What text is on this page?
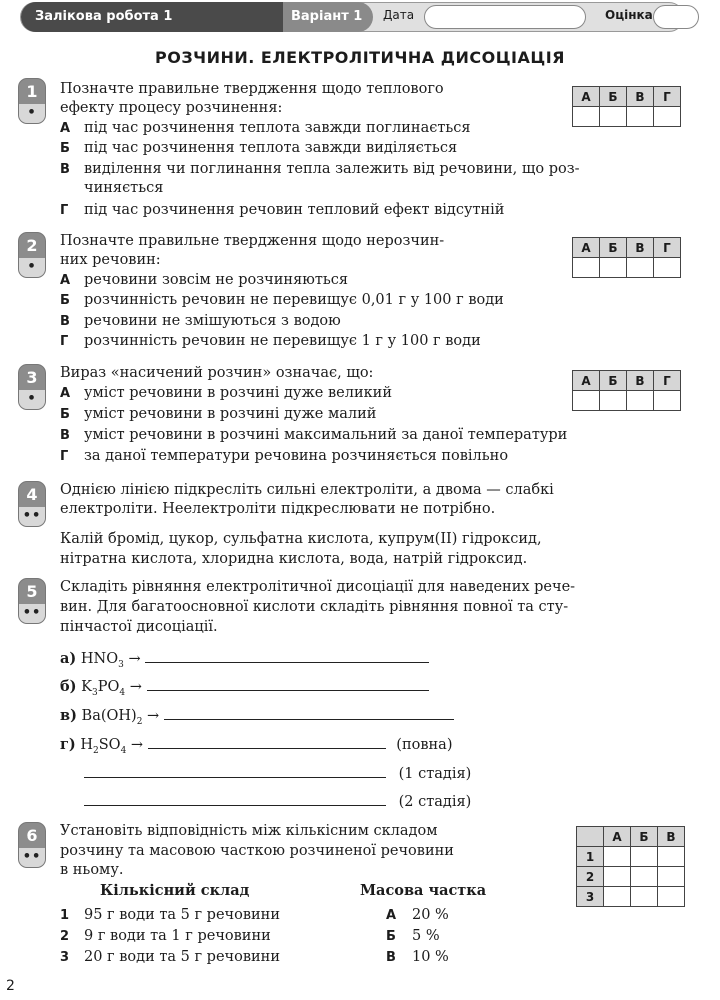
Залікова робота 1	Варіант 1	Дата	Оцінка
РОЗЧИНИ. ЕЛЕКТРОЛІТИЧНА ДИСОЦІАЦІЯ
1
•
Позначте правильне твердження щодо теплового
ефекту процесу розчинення:
А під час розчинення теплота завжди поглинається
Б під час розчинення теплота завжди виділяється
В виділення чи поглинання тепла залежить від речовини, що роз-
чиняється
Г під час розчинення речовин тепловий ефект відсутній
А	Б	В	Г

2
•
Позначте правильне твердження щодо нерозчин-
них речовин:
А речовини зовсім не розчиняються
Б розчинність речовин не перевищує 0,01 г у 100 г води
В речовини не змішуються з водою
Г розчинність речовин не перевищує 1 г у 100 г води
А	Б	В	Г

3
•
Вираз «насичений розчин» означає, що:
А уміст речовини в розчині дуже великий
Б уміст речовини в розчині дуже малий
В уміст речовини в розчині максимальний за даної температури
Г за даної температури речовина розчиняється повільно
А	Б	В	Г

4
••
Однією лінією підкресліть сильні електроліти, а двома — слабкі
електроліти. Неелектроліти підкреслювати не потрібно.
Калій бромід, цукор, сульфатна кислота, купрум(II) гідроксид,
нітратна кислота, хлоридна кислота, вода, натрій гідроксид.
5
••
Складіть рівняння електролітичної дисоціації для наведених рече-
вин. Для багатоосновної кислоти складіть рівняння повної та сту-
пінчастої дисоціації.
а) $HNO_3$ →
б) $K_3PO_4$ →
в) $Ba(OH)_2$ →
г) $H_2SO_4$ →	(повна)
(1 стадія)
(2 стадія)
6
••
Установіть відповідність між кількісним складом
розчину та масовою часткою розчиненої речовини
в ньому.
Кількісний склад	Масова частка
1 95 г води та 5 г речовини	А 20 %
2 9 г води та 1 г речовини	Б 5 %
3 20 г води та 5 г речовини	В 10 %
	А	Б	В
1			
2			
3			
2
